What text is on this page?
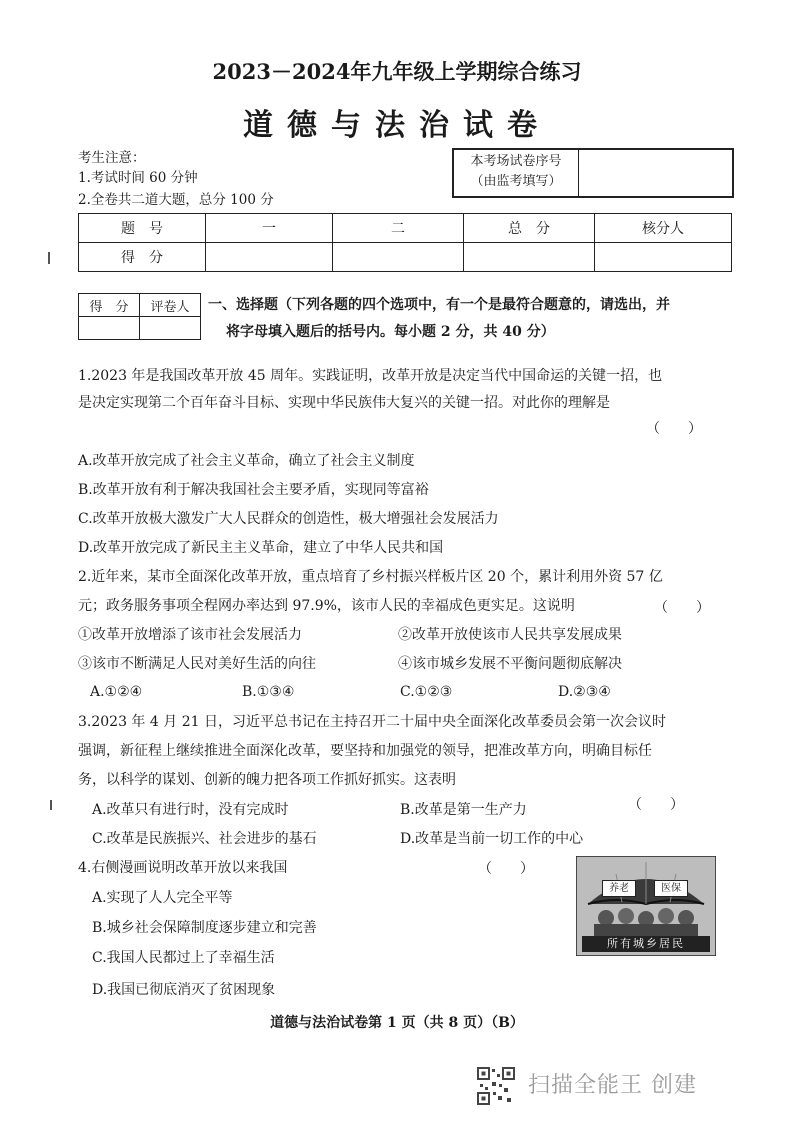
2023－2024年九年级上学期综合练习
道德与法治试卷
考生注意：
1.考试时间 60 分钟
2.全卷共二道大题，总分 100 分
本考场试卷序号
（由监考填写）
题　号	一	二	总　分	核分人
得　分				
得　分	评卷人
	一、选择题（下列各题的四个选项中，有一个是最符合题意的，请选出，并
将字母填入题后的括号内。每小题 2 分，共 40 分）
1.2023 年是我国改革开放 45 周年。实践证明，改革开放是决定当代中国命运的关键一招，也
是决定实现第二个百年奋斗目标、实现中华民族伟大复兴的关键一招。对此你的理解是
（　　）
A.改革开放完成了社会主义革命，确立了社会主义制度
B.改革开放有利于解决我国社会主要矛盾，实现同等富裕
C.改革开放极大激发广大人民群众的创造性，极大增强社会发展活力
D.改革开放完成了新民主主义革命，建立了中华人民共和国
2.近年来，某市全面深化改革开放，重点培育了乡村振兴样板片区 20 个，累计利用外资 57 亿
元；政务服务事项全程网办率达到 97.9%，该市人民的幸福成色更实足。这说明	（　　）
①改革开放增添了该市社会发展活力	②改革开放使该市人民共享发展成果
③该市不断满足人民对美好生活的向往	④该市城乡发展不平衡问题彻底解决
A.①②④	B.①③④	C.①②③	D.②③④
3.2023 年 4 月 21 日，习近平总书记在主持召开二十届中央全面深化改革委员会第一次会议时
强调，新征程上继续推进全面深化改革，要坚持和加强党的领导，把准改革方向，明确目标任
务，以科学的谋划、创新的魄力把各项工作抓好抓实。这表明
（　　）
A.改革只有进行时，没有完成时	B.改革是第一生产力
C.改革是民族振兴、社会进步的基石	D.改革是当前一切工作的中心
4.右侧漫画说明改革开放以来我国	（　　）
A.实现了人人完全平等
B.城乡社会保障制度逐步建立和完善
C.我国人民都过上了幸福生活
D.我国已彻底消灭了贫困现象
养老	医保
所有城乡居民
道德与法治试卷第 1 页（共 8 页）（B）
扫描全能王 创建
